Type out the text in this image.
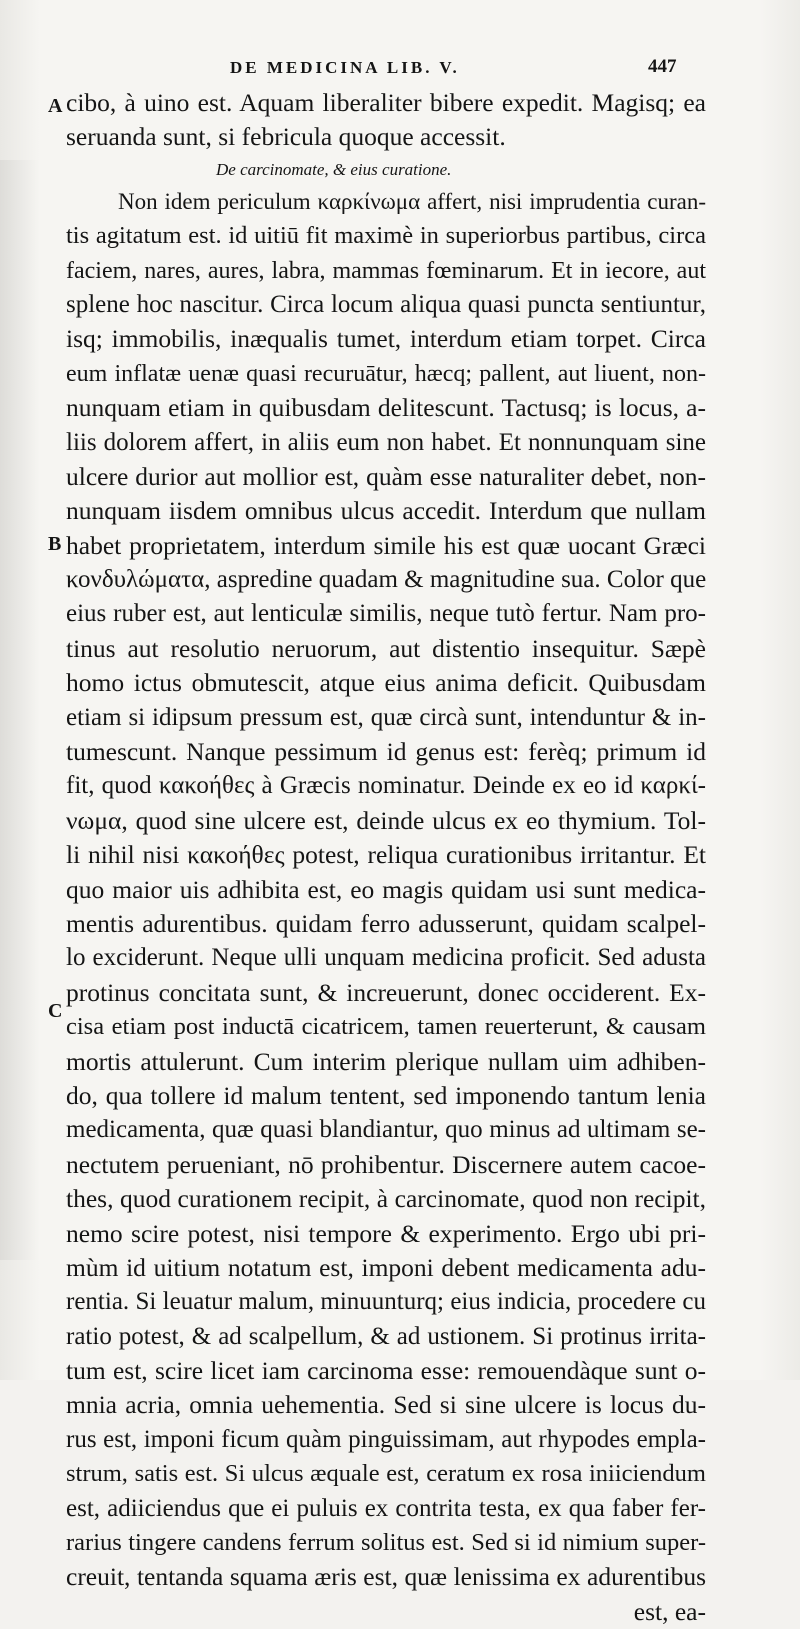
DE MEDICINA LIB. V.	447
A
B
C
cibo, à uino est. Aquam liberaliter bibere expedit. Magisq; ea
seruanda sunt, si febricula quoque accessit.
De carcinomate, & eius curatione.
Non idem periculum καρκίνωμα affert, nisi imprudentia curan-
tis agitatum est. id uitiū fit maximè in superiorbus partibus, circa
faciem, nares, aures, labra, mammas fœminarum. Et in iecore, aut
splene hoc nascitur. Circa locum aliqua quasi puncta sentiuntur,
isq; immobilis, inæqualis tumet, interdum etiam torpet. Circa
eum inflatæ uenæ quasi recuruātur, hæcq; pallent, aut liuent, non-
nunquam etiam in quibusdam delitescunt. Tactusq; is locus, a-
liis dolorem affert, in aliis eum non habet. Et nonnunquam sine
ulcere durior aut mollior est, quàm esse naturaliter debet, non-
nunquam iisdem omnibus ulcus accedit. Interdum que nullam
habet proprietatem, interdum simile his est quæ uocant Græci
κονδυλώματα, aspredine quadam & magnitudine sua. Color que
eius ruber est, aut lenticulæ similis, neque tutò fertur. Nam pro-
tinus aut resolutio neruorum, aut distentio insequitur. Sæpè
homo ictus obmutescit, atque eius anima deficit. Quibusdam
etiam si idipsum pressum est, quæ circà sunt, intenduntur & in-
tumescunt. Nanque pessimum id genus est: ferèq; primum id
fit, quod κακοήθες à Græcis nominatur. Deinde ex eo id καρκί-
νωμα, quod sine ulcere est, deinde ulcus ex eo thymium. Tol-
li nihil nisi κακοήθες potest, reliqua curationibus irritantur. Et
quo maior uis adhibita est, eo magis quidam usi sunt medica-
mentis adurentibus. quidam ferro adusserunt, quidam scalpel-
lo exciderunt. Neque ulli unquam medicina proficit. Sed adusta
protinus concitata sunt, & increuerunt, donec occiderent. Ex-
cisa etiam post inductā cicatricem, tamen reuerterunt, & causam
mortis attulerunt. Cum interim plerique nullam uim adhiben-
do, qua tollere id malum tentent, sed imponendo tantum lenia
medicamenta, quæ quasi blandiantur, quo minus ad ultimam se-
nectutem perueniant, nō prohibentur. Discernere autem cacoe-
thes, quod curationem recipit, à carcinomate, quod non recipit,
nemo scire potest, nisi tempore & experimento. Ergo ubi pri-
mùm id uitium notatum est, imponi debent medicamenta adu-
rentia. Si leuatur malum, minuunturq; eius indicia, procedere cu
ratio potest, & ad scalpellum, & ad ustionem. Si protinus irrita-
tum est, scire licet iam carcinoma esse: remouendàque sunt o-
mnia acria, omnia uehementia. Sed si sine ulcere is locus du-
rus est, imponi ficum quàm pinguissimam, aut rhypodes empla-
strum, satis est. Si ulcus æquale est, ceratum ex rosa iniiciendum
est, adiiciendus que ei puluis ex contrita testa, ex qua faber fer-
rarius tingere candens ferrum solitus est. Sed si id nimium super-
creuit, tentanda squama æris est, quæ lenissima ex adurentibus
est, ea-
